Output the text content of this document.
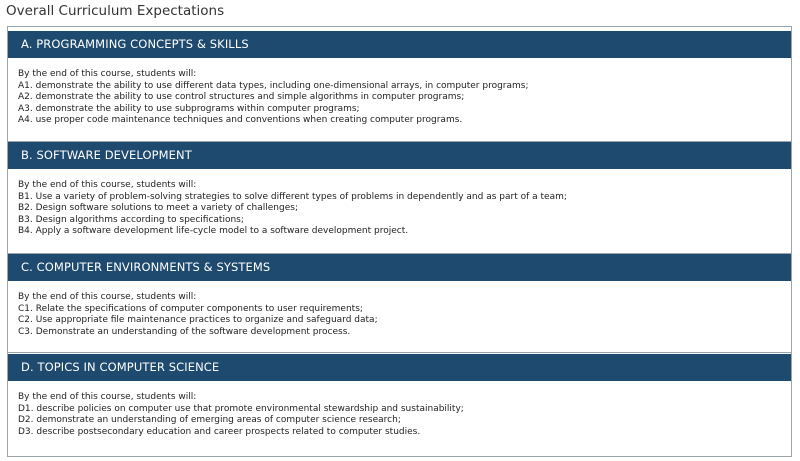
Overall Curriculum Expectations
A. PROGRAMMING CONCEPTS & SKILLS
By the end of this course, students will:
A1. demonstrate the ability to use different data types, including one-dimensional arrays, in computer programs;
A2. demonstrate the ability to use control structures and simple algorithms in computer programs;
A3. demonstrate the ability to use subprograms within computer programs;
A4. use proper code maintenance techniques and conventions when creating computer programs.
B. SOFTWARE DEVELOPMENT
By the end of this course, students will:
B1. Use a variety of problem-solving strategies to solve different types of problems in dependently and as part of a team;
B2. Design software solutions to meet a variety of challenges;
B3. Design algorithms according to specifications;
B4. Apply a software development life-cycle model to a software development project.
C. COMPUTER ENVIRONMENTS & SYSTEMS
By the end of this course, students will:
C1. Relate the specifications of computer components to user requirements;
C2. Use appropriate file maintenance practices to organize and safeguard data;
C3. Demonstrate an understanding of the software development process.
D. TOPICS IN COMPUTER SCIENCE
By the end of this course, students will:
D1. describe policies on computer use that promote environmental stewardship and sustainability;
D2. demonstrate an understanding of emerging areas of computer science research;
D3. describe postsecondary education and career prospects related to computer studies.
